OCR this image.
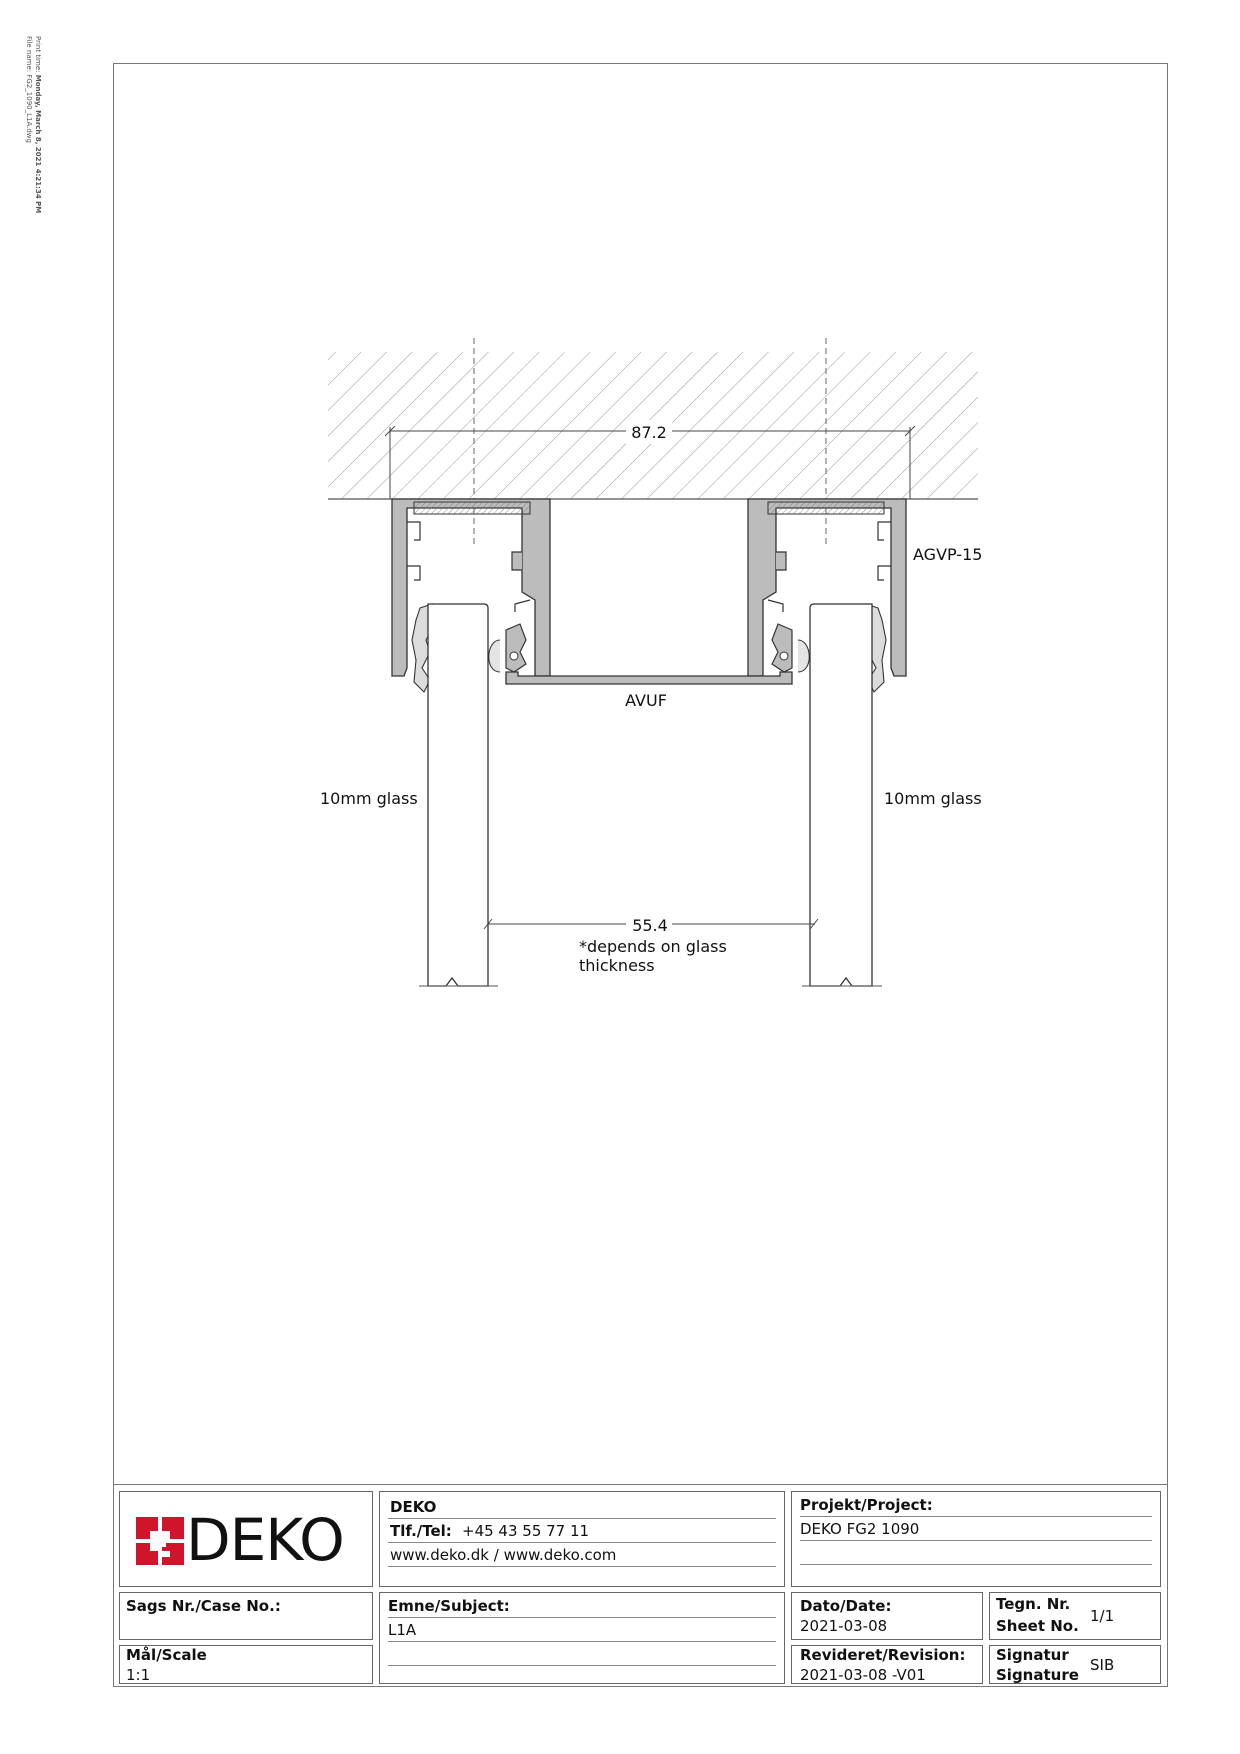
Print time: Monday, March 8, 2021 4:21:34 PM
File name: FG2_1090_L1A.dwg
87.2
55.4
*depends on glass
thickness
AGVP-15
AVUF
10mm glass	10mm glass
DEKO	DEKO
Tlf./Tel: +45 43 55 77 11
www.deko.dk / www.deko.com
Projekt/Project:
DEKO FG2 1090
Sags Nr./Case No.:	Emne/Subject:
L1A
Dato/Date:
2021-03-08
Tegn. Nr.
Sheet No.
1/1
Mål/Scale
1:1
Revideret/Revision:
2021-03-08 -V01
Signatur
Signature
SIB
